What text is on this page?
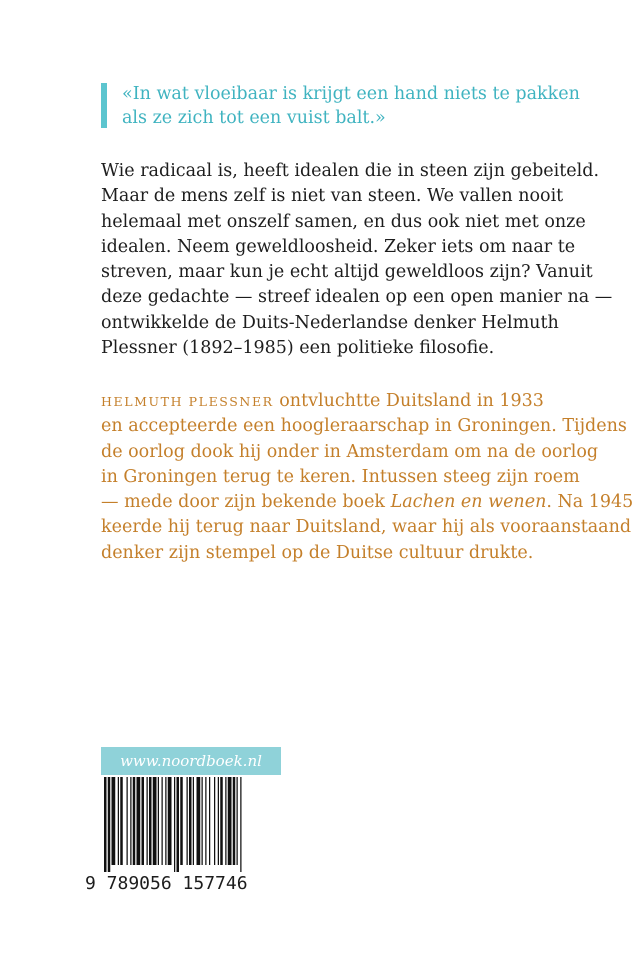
«In wat vloeibaar is krijgt een hand niets te pakken
als ze zich tot een vuist balt.»
Wie radicaal is, heeft idealen die in steen zijn gebeiteld.
Maar de mens zelf is niet van steen. We vallen nooit
helemaal met onszelf samen, en dus ook niet met onze
idealen. Neem geweldloosheid. Zeker iets om naar te
streven, maar kun je echt altijd geweldloos zijn? Vanuit
deze gedachte — streef idealen op een open manier na —
ontwikkelde de Duits-Nederlandse denker Helmuth
Plessner (1892–1985) een politieke filosofie.
HELMUTH PLESSNER ontvluchtte Duitsland in 1933
en accepteerde een hoogleraarschap in Groningen. Tijdens
de oorlog dook hij onder in Amsterdam om na de oorlog
in Groningen terug te keren. Intussen steeg zijn roem
— mede door zijn bekende boek Lachen en wenen. Na 1945
keerde hij terug naar Duitsland, waar hij als vooraanstaand
denker zijn stempel op de Duitse cultuur drukte.
www.noordboek.nl
9 789056 157746
